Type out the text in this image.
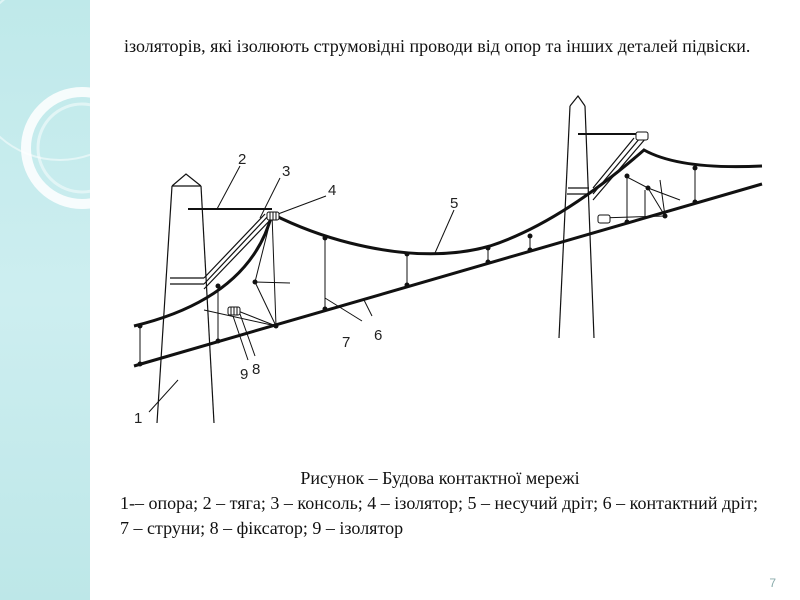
ізоляторів, які ізолюють струмовідні проводи від опор та інших деталей підвіски.
2
3
4
5
6
7
8
9
1
Рисунок – Будова контактної мережі
1-– опора; 2 – тяга; 3 – консоль; 4 – ізолятор; 5 – несучий дріт; 6 – контактний дріт; 7 – струни; 8 – фіксатор; 9 – ізолятор
7
